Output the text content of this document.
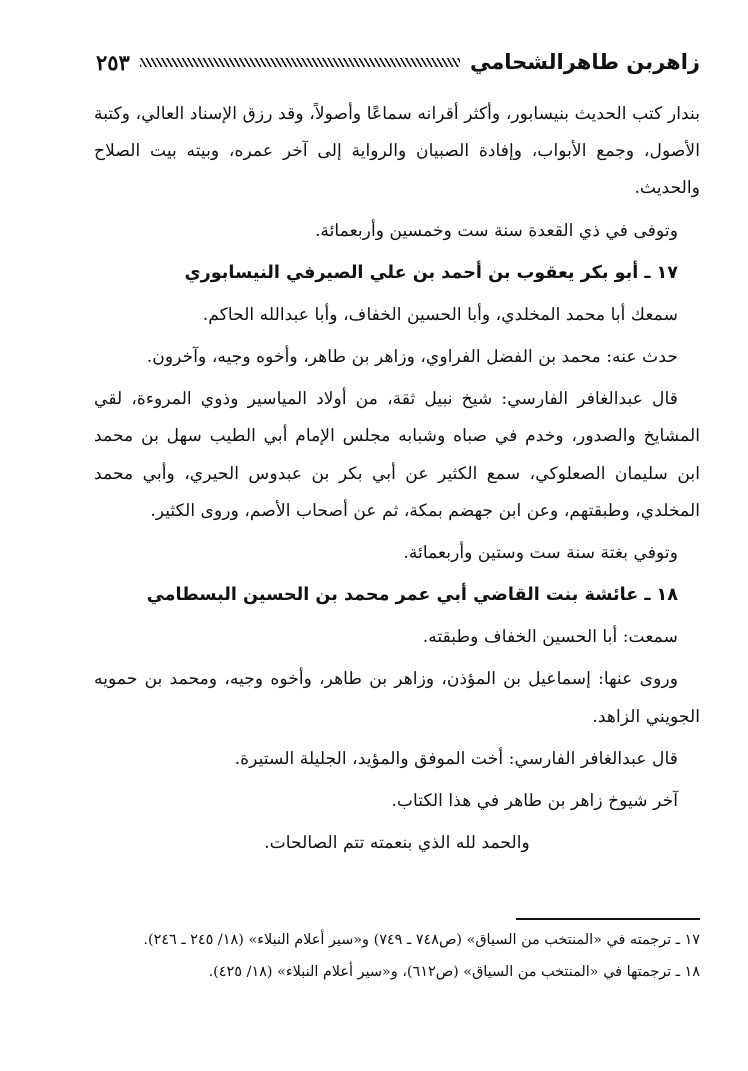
زاهربن طاهرالشحامي
٢٥٣

بندار كتب الحديث بنيسابور، وأكثر أقرانه سماعًا وأصولاً، وقد رزق الإسناد العالي، وكتبة الأصول، وجمع الأبواب، وإفادة الصبيان والرواية إلى آخر عمره، وبيته بيت الصلاح والحديث.

وتوفى في ذي القعدة سنة ست وخمسين وأربعمائة.

١٧ ـ أبو بكر يعقوب بن أحمد بن علي الصيرفي النيسابوري

سمعك أبا محمد المخلدي، وأبا الحسين الخفاف، وأبا عبدالله الحاكم.

حدث عنه: محمد بن الفضل الفراوي، وزاهر بن طاهر، وأخوه وجيه، وآخرون.

قال عبدالغافر الفارسي: شيخ نبيل ثقة، من أولاد المياسير وذوي المروءة، لقي المشايخ والصدور، وخدم في صباه وشبابه مجلس الإمام أبي الطيب سهل بن محمد ابن سليمان الصعلوكي، سمع الكثير عن أبي بكر بن عبدوس الحيري، وأبي محمد المخلدي، وطبقتهم، وعن ابن جهضم بمكة، ثم عن أصحاب الأصم، وروى الكثير.

وتوفي بغتة سنة ست وستين وأربعمائة.

١٨ ـ عائشة بنت القاضي أبي عمر محمد بن الحسين البسطامي

سمعت: أبا الحسين الخفاف وطبقته.

وروى عنها: إسماعيل بن المؤذن، وزاهر بن طاهر، وأخوه وجيه، ومحمد بن حمويه الجويني الزاهد.

قال عبدالغافر الفارسي: أخت الموفق والمؤيد، الجليلة الستيرة.

آخر شيوخ زاهر بن طاهر في هذا الكتاب.

والحمد لله الذي بنعمته تتم الصالحات.

١٧ ـ ترجمته في «المنتخب من السياق» (ص٧٤٨ ـ ٧٤٩) و«سير أعلام النبلاء» (١٨/ ٢٤٥ ـ ٢٤٦).

١٨ ـ ترجمتها في «المنتخب من السياق» (ص٦١٢)، و«سير أعلام النبلاء» (١٨/ ٤٢٥).
